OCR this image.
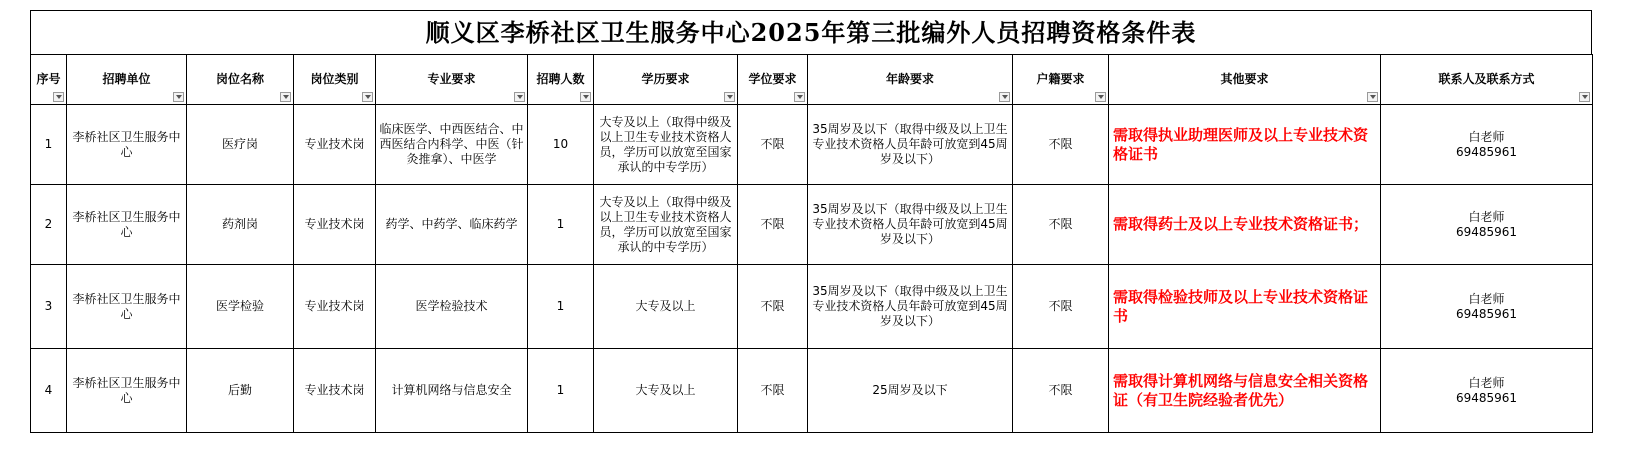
顺义区李桥社区卫生服务中心2025年第三批编外人员招聘资格条件表
序号	招聘单位	岗位名称	岗位类别	专业要求	招聘人数	学历要求	学位要求	年龄要求	户籍要求	其他要求	联系人及联系方式

1	李桥社区卫生服务中心	医疗岗	专业技术岗	临床医学、中西医结合、中西医结合内科学、中医（针灸推拿）、中医学	10	大专及以上（取得中级及以上卫生专业技术资格人员，学历可以放宽至国家承认的中专学历）	不限	35周岁及以下（取得中级及以上卫生专业技术资格人员年龄可放宽到45周岁及以下）	不限	需取得执业助理医师及以上专业技术资格证书	白老师
69485961

2	李桥社区卫生服务中心	药剂岗	专业技术岗	药学、中药学、临床药学	1	大专及以上（取得中级及以上卫生专业技术资格人员，学历可以放宽至国家承认的中专学历）	不限	35周岁及以下（取得中级及以上卫生专业技术资格人员年龄可放宽到45周岁及以下）	不限	需取得药士及以上专业技术资格证书；	白老师
69485961

3	李桥社区卫生服务中心	医学检验	专业技术岗	医学检验技术	1	大专及以上	不限	35周岁及以下（取得中级及以上卫生专业技术资格人员年龄可放宽到45周岁及以下）	不限	需取得检验技师及以上专业技术资格证书	白老师
69485961

4	李桥社区卫生服务中心	后勤	专业技术岗	计算机网络与信息安全	1	大专及以上	不限	25周岁及以下	不限	需取得计算机网络与信息安全相关资格证（有卫生院经验者优先）	白老师
69485961
